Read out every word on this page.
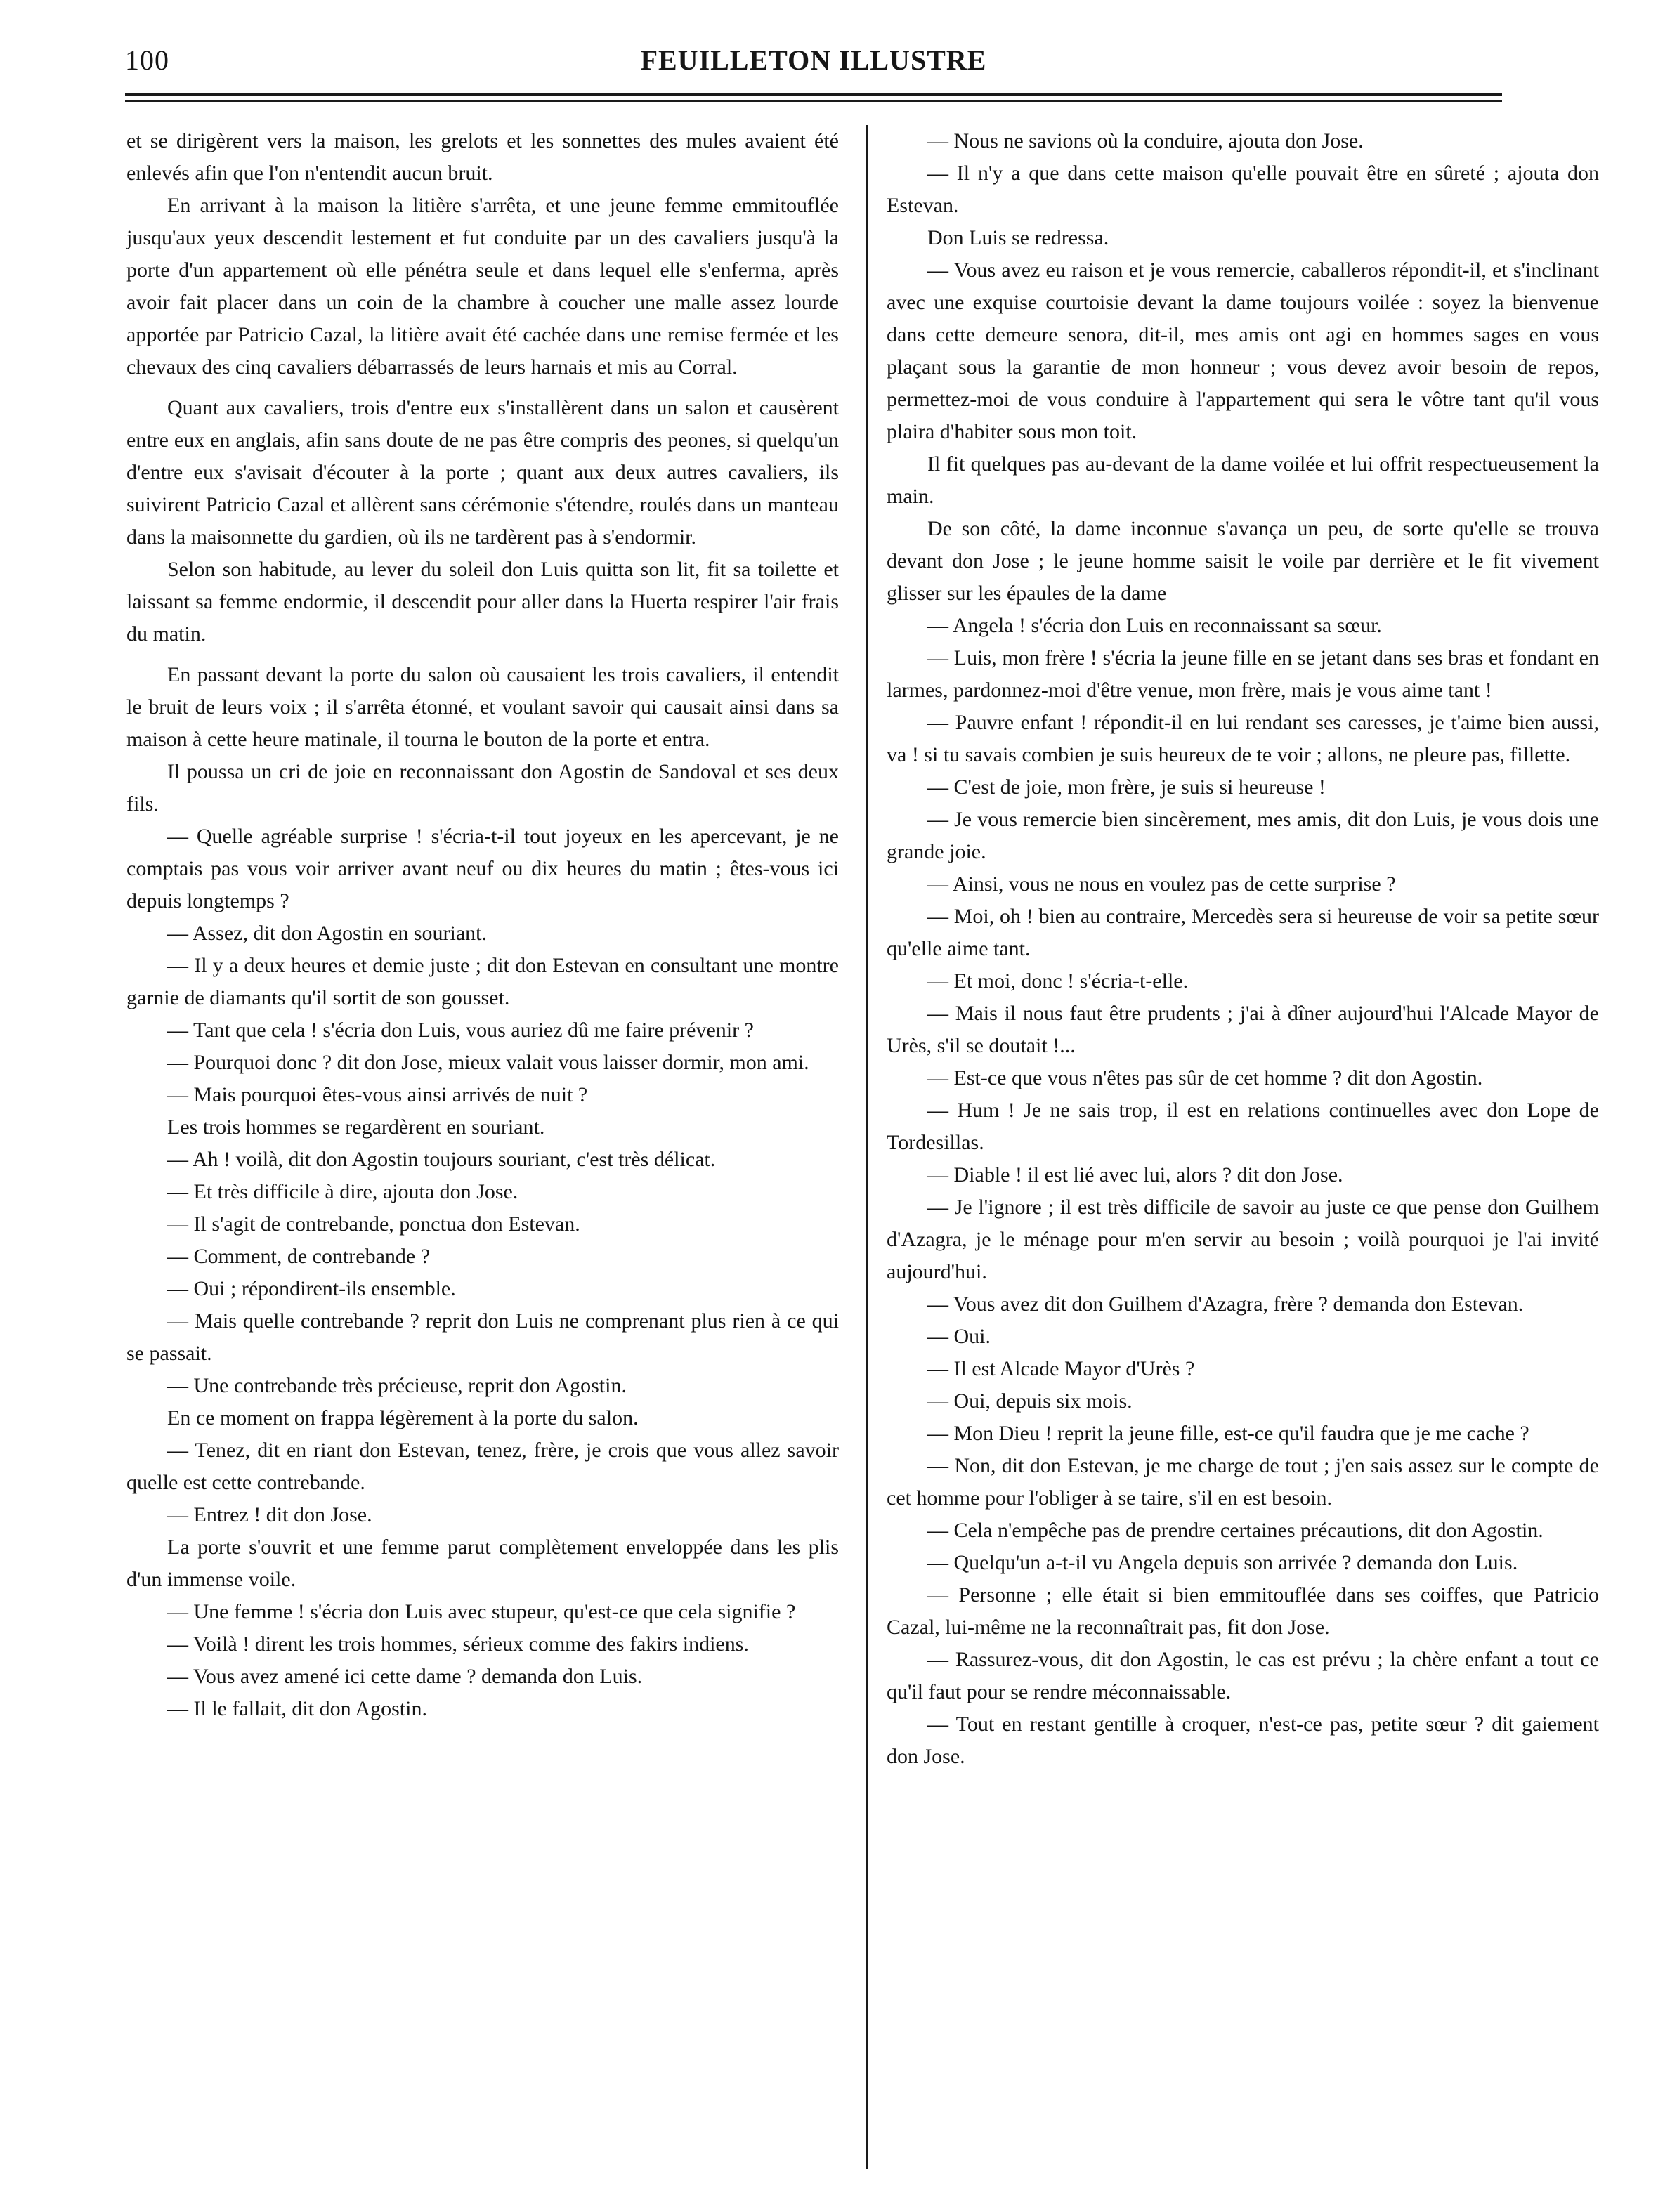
100	FEUILLETON ILLUSTRE

et se dirigèrent vers la maison, les grelots et les sonnettes des mules avaient été enlevés afin que l'on n'entendit aucun bruit.

En arrivant à la maison la litière s'arrêta, et une jeune femme emmitouflée jusqu'aux yeux descendit lestement et fut conduite par un des cavaliers jusqu'à la porte d'un appartement où elle pénétra seule et dans lequel elle s'enferma, après avoir fait placer dans un coin de la chambre à coucher une malle assez lourde apportée par Patricio Cazal, la litière avait été cachée dans une remise fermée et les chevaux des cinq cavaliers débarrassés de leurs harnais et mis au Corral.

Quant aux cavaliers, trois d'entre eux s'installèrent dans un salon et causèrent entre eux en anglais, afin sans doute de ne pas être compris des peones, si quelqu'un d'entre eux s'avisait d'écouter à la porte ; quant aux deux autres cavaliers, ils suivirent Patricio Cazal et allèrent sans cérémonie s'étendre, roulés dans un manteau dans la maisonnette du gardien, où ils ne tardèrent pas à s'endormir.

Selon son habitude, au lever du soleil don Luis quitta son lit, fit sa toilette et laissant sa femme endormie, il descendit pour aller dans la Huerta respirer l'air frais du matin.

En passant devant la porte du salon où causaient les trois cavaliers, il entendit le bruit de leurs voix ; il s'arrêta étonné, et voulant savoir qui causait ainsi dans sa maison à cette heure matinale, il tourna le bouton de la porte et entra.

Il poussa un cri de joie en reconnaissant don Agostin de Sandoval et ses deux fils.

— Quelle agréable surprise ! s'écria-t-il tout joyeux en les apercevant, je ne comptais pas vous voir arriver avant neuf ou dix heures du matin ; êtes-vous ici depuis longtemps ?

— Assez, dit don Agostin en souriant.

— Il y a deux heures et demie juste ; dit don Estevan en consultant une montre garnie de diamants qu'il sortit de son gousset.

— Tant que cela ! s'écria don Luis, vous auriez dû me faire prévenir ?

— Pourquoi donc ? dit don Jose, mieux valait vous laisser dormir, mon ami.

— Mais pourquoi êtes-vous ainsi arrivés de nuit ?

Les trois hommes se regardèrent en souriant.

— Ah ! voilà, dit don Agostin toujours souriant, c'est très délicat.

— Et très difficile à dire, ajouta don Jose.

— Il s'agit de contrebande, ponctua don Estevan.

— Comment, de contrebande ?

— Oui ; répondirent-ils ensemble.

— Mais quelle contrebande ? reprit don Luis ne comprenant plus rien à ce qui se passait.

— Une contrebande très précieuse, reprit don Agostin.

En ce moment on frappa légèrement à la porte du salon.

— Tenez, dit en riant don Estevan, tenez, frère, je crois que vous allez savoir quelle est cette contrebande.

— Entrez ! dit don Jose.

La porte s'ouvrit et une femme parut complètement enveloppée dans les plis d'un immense voile.

— Une femme ! s'écria don Luis avec stupeur, qu'est-ce que cela signifie ?

— Voilà ! dirent les trois hommes, sérieux comme des fakirs indiens.

— Vous avez amené ici cette dame ? demanda don Luis.

— Il le fallait, dit don Agostin.

— Nous ne savions où la conduire, ajouta don Jose.

— Il n'y a que dans cette maison qu'elle pouvait être en sûreté ; ajouta don Estevan.

Don Luis se redressa.

— Vous avez eu raison et je vous remercie, caballeros répondit-il, et s'inclinant avec une exquise courtoisie devant la dame toujours voilée : soyez la bienvenue dans cette demeure senora, dit-il, mes amis ont agi en hommes sages en vous plaçant sous la garantie de mon honneur ; vous devez avoir besoin de repos, permettez-moi de vous conduire à l'appartement qui sera le vôtre tant qu'il vous plaira d'habiter sous mon toit.

Il fit quelques pas au-devant de la dame voilée et lui offrit respectueusement la main.

De son côté, la dame inconnue s'avança un peu, de sorte qu'elle se trouva devant don Jose ; le jeune homme saisit le voile par derrière et le fit vivement glisser sur les épaules de la dame

— Angela ! s'écria don Luis en reconnaissant sa sœur.

— Luis, mon frère ! s'écria la jeune fille en se jetant dans ses bras et fondant en larmes, pardonnez-moi d'être venue, mon frère, mais je vous aime tant !

— Pauvre enfant ! répondit-il en lui rendant ses caresses, je t'aime bien aussi, va ! si tu savais combien je suis heureux de te voir ; allons, ne pleure pas, fillette.

— C'est de joie, mon frère, je suis si heureuse !

— Je vous remercie bien sincèrement, mes amis, dit don Luis, je vous dois une grande joie.

— Ainsi, vous ne nous en voulez pas de cette surprise ?

— Moi, oh ! bien au contraire, Mercedès sera si heureuse de voir sa petite sœur qu'elle aime tant.

— Et moi, donc ! s'écria-t-elle.

— Mais il nous faut être prudents ; j'ai à dîner aujourd'hui l'Alcade Mayor de Urès, s'il se doutait !...

— Est-ce que vous n'êtes pas sûr de cet homme ? dit don Agostin.

— Hum ! Je ne sais trop, il est en relations continuelles avec don Lope de Tordesillas.

— Diable ! il est lié avec lui, alors ? dit don Jose.

— Je l'ignore ; il est très difficile de savoir au juste ce que pense don Guilhem d'Azagra, je le ménage pour m'en servir au besoin ; voilà pourquoi je l'ai invité aujourd'hui.

— Vous avez dit don Guilhem d'Azagra, frère ? demanda don Estevan.

— Oui.

— Il est Alcade Mayor d'Urès ?

— Oui, depuis six mois.

— Mon Dieu ! reprit la jeune fille, est-ce qu'il faudra que je me cache ?

— Non, dit don Estevan, je me charge de tout ; j'en sais assez sur le compte de cet homme pour l'obliger à se taire, s'il en est besoin.

— Cela n'empêche pas de prendre certaines précautions, dit don Agostin.

— Quelqu'un a-t-il vu Angela depuis son arrivée ? demanda don Luis.

— Personne ; elle était si bien emmitouflée dans ses coiffes, que Patricio Cazal, lui-même ne la reconnaîtrait pas, fit don Jose.

— Rassurez-vous, dit don Agostin, le cas est prévu ; la chère enfant a tout ce qu'il faut pour se rendre méconnaissable.

— Tout en restant gentille à croquer, n'est-ce pas, petite sœur ? dit gaiement don Jose.
